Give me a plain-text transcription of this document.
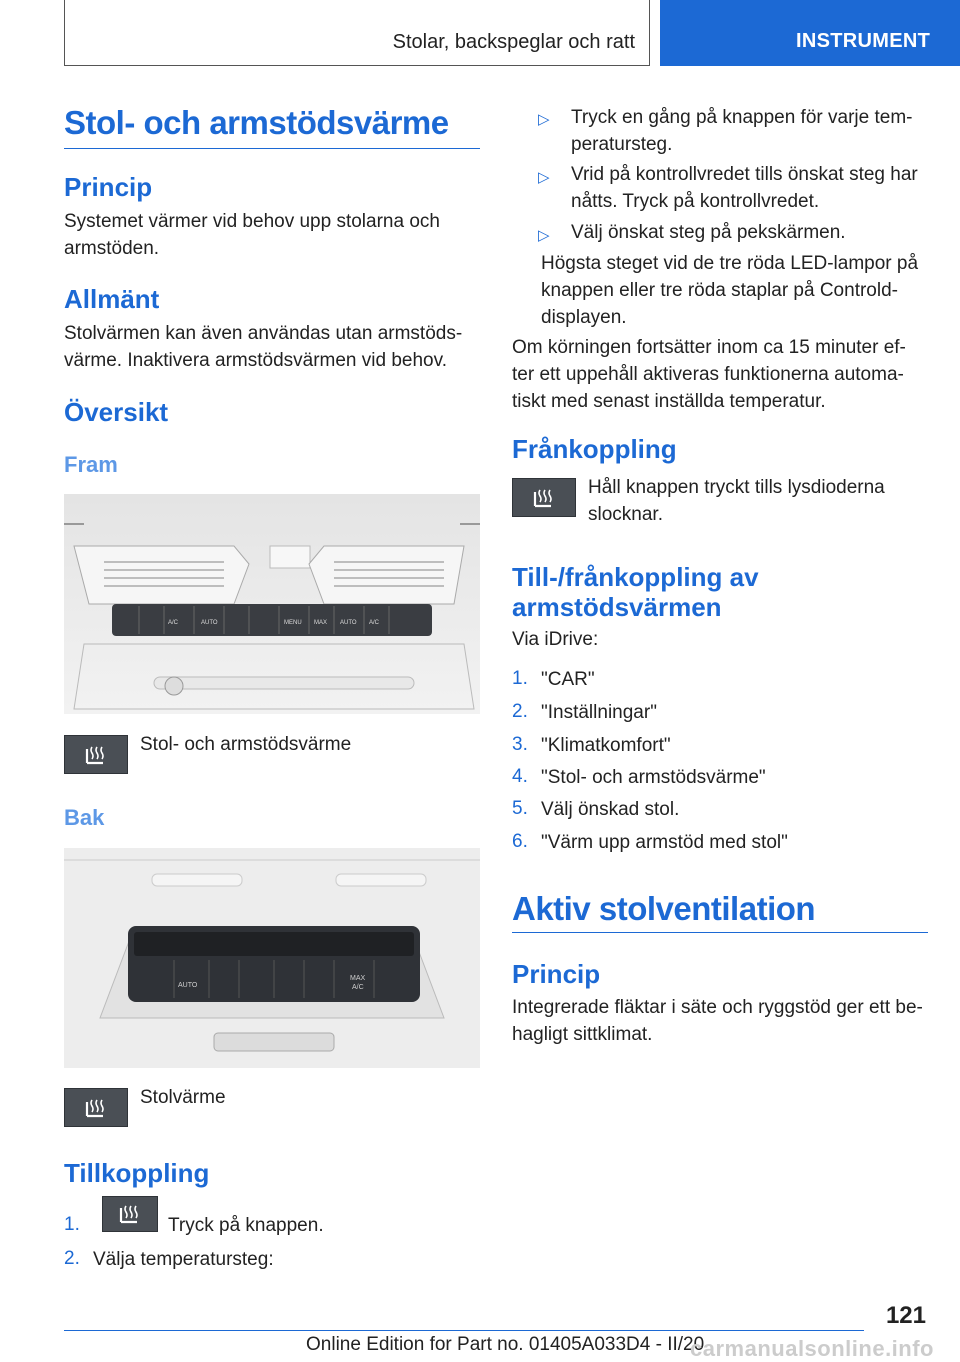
Stolar, backspeglar och ratt	INSTRUMENT
Stol- och armstödsvärme
Princip
Systemet värmer vid behov upp stolarna och
armstöden.
Allmänt
Stolvärmen kan även användas utan armstöds-
värme. Inaktivera armstödsvärmen vid behov.
Översikt
Fram
A/C	AUTO	MENU MAX AUTO A/C
Stol- och armstödsvärme
Bak
AUTO
MAX
A/C
Stolvärme
Tillkoppling
1.	Tryck på knappen.
2. Välja temperatursteg:
▷ Tryck en gång på knappen för varje tem-
peratursteg.
▷ Vrid på kontrollvredet tills önskat steg har
nåtts. Tryck på kontrollvredet.
▷ Välj önskat steg på pekskärmen.
Högsta steget vid de tre röda LED-lampor på
knappen eller tre röda staplar på Controld-
displayen.
Om körningen fortsätter inom ca 15 minuter ef-
ter ett uppehåll aktiveras funktionerna automa-
tiskt med senast inställda temperatur.
Frånkoppling
Håll knappen tryckt tills lysdioderna
slocknar.
Till-/frånkoppling av
armstödsvärmen
Via iDrive:
1. "CAR"
2. "Inställningar"
3. "Klimatkomfort"
4. "Stol- och armstödsvärme"
5. Välj önskad stol.
6. "Värm upp armstöd med stol"
Aktiv stolventilation
Princip
Integrerade fläktar i säte och ryggstöd ger ett be-
hagligt sittklimat.
121
Online Edition for Part no. 01405A033D4 - II/20
carmanualsonline.info
